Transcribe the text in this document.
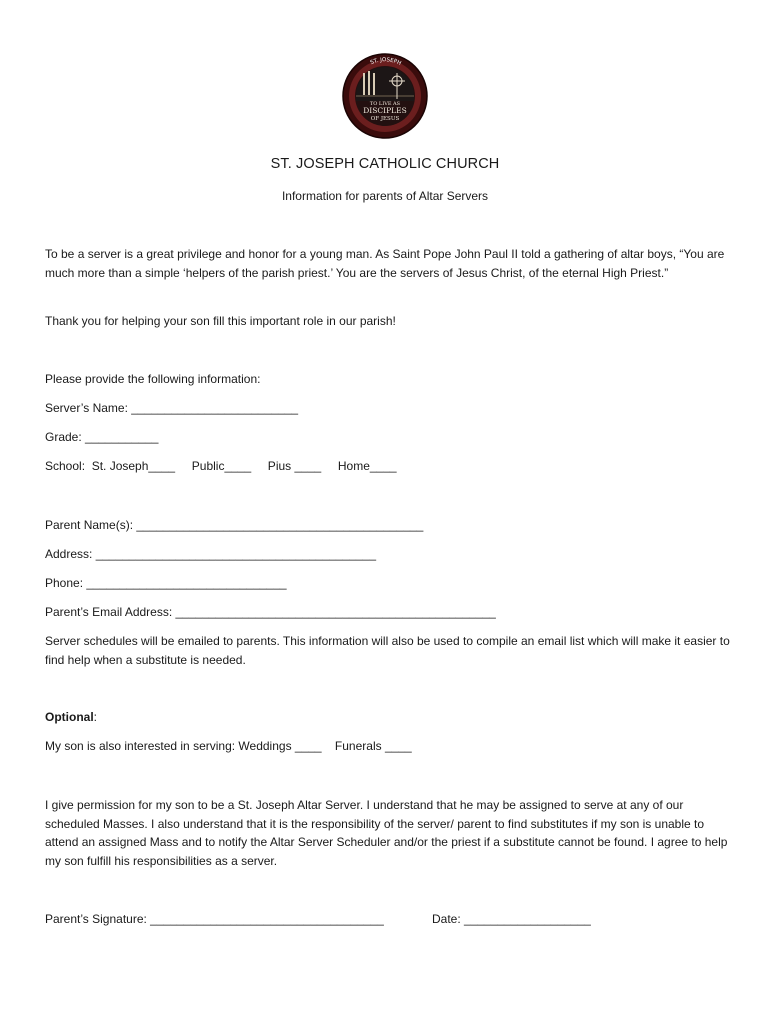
ST. JOSEPH
TO LIVE AS
DISCIPLES
OF JESUS
ST. JOSEPH CATHOLIC CHURCH
Information for parents of Altar Servers

To be a server is a great privilege and honor for a young man. As Saint Pope John Paul II told a gathering of altar boys, “You are much more than a simple ‘helpers of the parish priest.’ You are the servers of Jesus Christ, of the eternal High Priest.”

Thank you for helping your son fill this important role in our parish!
Please provide the following information:
Server’s Name: _________________________
Grade: ___________
School:  St. Joseph____     Public____     Pius ____     Home____
Parent Name(s): ___________________________________________
Address: __________________________________________
Phone: ______________________________
Parent’s Email Address: ________________________________________________

Server schedules will be emailed to parents. This information will also be used to compile an email list which will make it easier to find help when a substitute is needed.

Optional:
My son is also interested in serving: Weddings ____    Funerals ____

I give permission for my son to be a St. Joseph Altar Server. I understand that he may be assigned to serve at any of our scheduled Masses. I also understand that it is the responsibility of the server/ parent to find substitutes if my son is unable to attend an assigned Mass and to notify the Altar Server Scheduler and/or the priest if a substitute cannot be found. I agree to help my son fulfill his responsibilities as a server.

Parent’s Signature: ___________________________________	Date: ___________________
